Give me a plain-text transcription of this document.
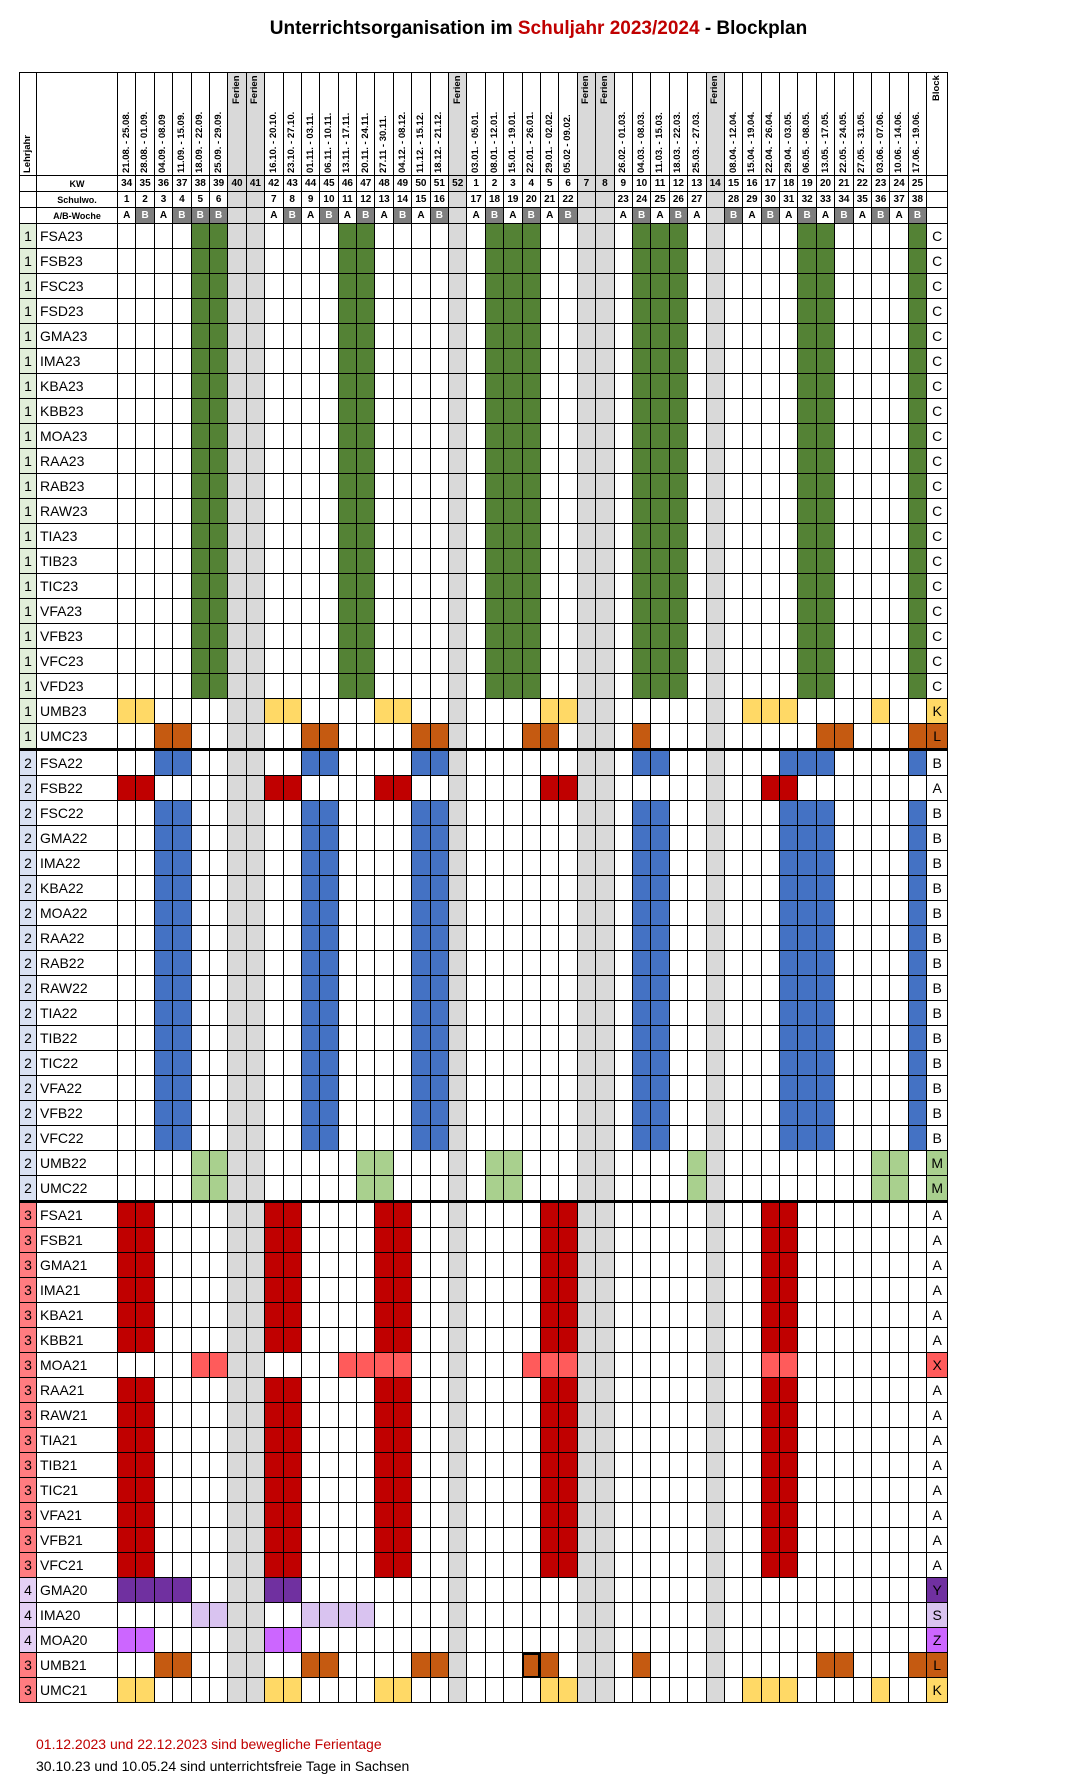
Unterrichtsorganisation im Schuljahr 2023/2024 - Blockplan
Lehrjahr		21.08. - 25.08.	28.08. - 01.09.	04.09. - 08.09	11.09. - 15.09.	18.09. - 22.09.	25.09. - 29.09.	Ferien	Ferien	16.10. - 20.10.	23.10. - 27.10.	01.11. - 03.11.	06.11. - 10.11.	13.11. - 17.11.	20.11. - 24.11.	27.11 - 30.11.	04.12. - 08.12.	11.12. - 15.12.	18.12. - 21.12.	Ferien	03.01. - 05.01.	08.01. - 12.01.	15.01. - 19.01.	22.01. - 26.01.	29.01. - 02.02.	05.02 - 09.02.	Ferien	Ferien	26.02. - 01.03.	04.03. - 08.03.	11.03. - 15.03.	18.03. - 22.03.	25.03. - 27.03.	Ferien	08.04. - 12.04.	15.04. - 19.04.	22.04. - 26.04.	29.04. - 03.05.	06.05. - 08.05.	13.05. - 17.05.	22.05. - 24.05.	27.05. - 31.05.	03.06. - 07.06.	10.06. - 14.06.	17.06. - 19.06.	Block

	KW	34	35	36	37	38	39	40	41	42	43	44	45	46	47	48	49	50	51	52	1	2	3	4	5	6	7	8	9	10	11	12	13	14	15	16	17	18	19	20	21	22	23	24	25	
	Schulwo.	1	2	3	4	5	6			7	8	9	10	11	12	13	14	15	16		17	18	19	20	21	22			23	24	25	26	27		28	29	30	31	32	33	34	35	36	37	38	
	A/B-Woche	A	B	A	B	B	B			A	B	A	B	A	B	A	B	A	B		A	B	A	B	A	B			A	B	A	B	A		B	A	B	A	B	A	B	A	B	A	B	
1	FSA23																																													C
1	FSB23																																													C
1	FSC23																																													C
1	FSD23																																													C
1	GMA23																																													C
1	IMA23																																													C
1	KBA23																																													C
1	KBB23																																													C
1	MOA23																																													C
1	RAA23																																													C
1	RAB23																																													C
1	RAW23																																													C
1	TIA23																																													C
1	TIB23																																													C
1	TIC23																																													C
1	VFA23																																													C
1	VFB23																																													C
1	VFC23																																													C
1	VFD23																																													C
1	UMB23																																													K
1	UMC23																																													L
2	FSA22																																													B
2	FSB22																																													A
2	FSC22																																													B
2	GMA22																																													B
2	IMA22																																													B
2	KBA22																																													B
2	MOA22																																													B
2	RAA22																																													B
2	RAB22																																													B
2	RAW22																																													B
2	TIA22																																													B
2	TIB22																																													B
2	TIC22																																													B
2	VFA22																																													B
2	VFB22																																													B
2	VFC22																																													B
2	UMB22																																													M
2	UMC22																																													M
3	FSA21																																													A
3	FSB21																																													A
3	GMA21																																													A
3	IMA21																																													A
3	KBA21																																													A
3	KBB21																																													A
3	MOA21																																													X
3	RAA21																																													A
3	RAW21																																													A
3	TIA21																																													A
3	TIB21																																													A
3	TIC21																																													A
3	VFA21																																													A
3	VFB21																																													A
3	VFC21																																													A
4	GMA20																																													Y
4	IMA20																																													S
4	MOA20																																													Z
3	UMB21																																													L
3	UMC21																																													K
01.12.2023 und 22.12.2023 sind bewegliche Ferientage
30.10.23 und 10.05.24 sind unterrichtsfreie Tage in Sachsen
